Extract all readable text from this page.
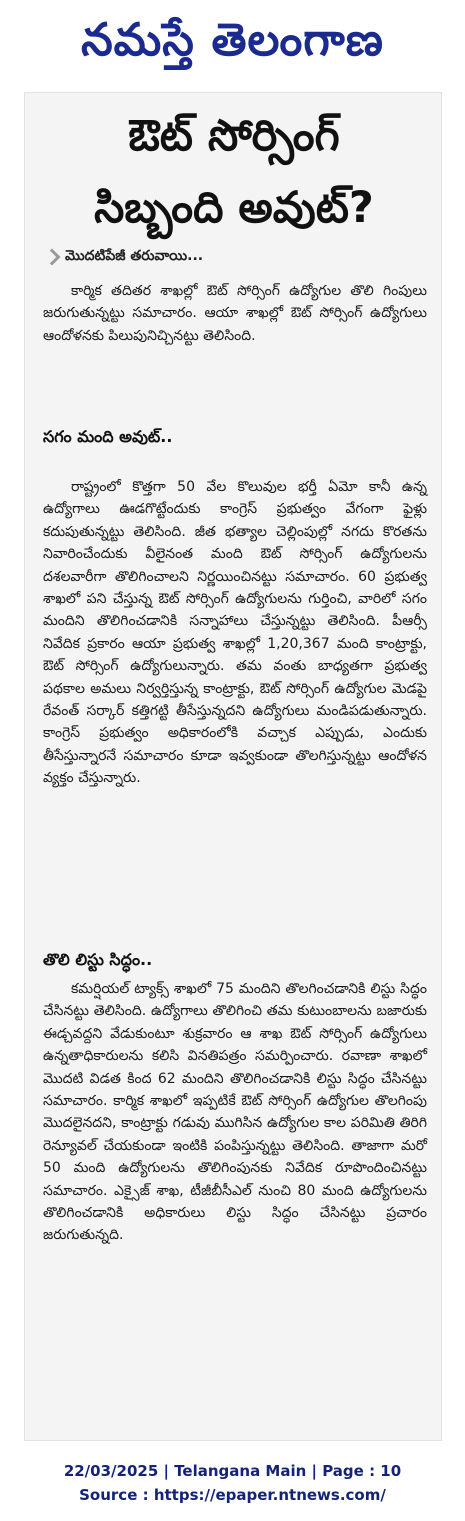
నమస్తే తెలంగాణ
ఔట్ సోర్సింగ్
సిబ్బంది అవుట్?
మొదటిపేజీ తరువాయి...
కార్మిక తదితర శాఖల్లో ఔట్ సోర్సింగ్ ఉద్యోగుల తొలి గింపులు జరుగుతున్నట్టు సమాచారం. ఆయా శాఖల్లో ఔట్ సోర్సింగ్ ఉద్యోగులు ఆందోళనకు పిలుపునిచ్చినట్టు తెలిసింది.
సగం మంది అవుట్..
రాష్ట్రంలో కొత్తగా 50 వేల కొలువుల భర్తీ ఏమో కానీ ఉన్న ఉద్యోగాలు ఊడగొట్టేందుకు కాంగ్రెస్ ప్రభుత్వం వేగంగా ఫైళ్లు కదుపుతున్నట్టు తెలిసింది. జీత భత్యాల చెల్లింపుల్లో నగదు కొరతను నివారించేందుకు వీలైనంత మంది ఔట్ సోర్సింగ్ ఉద్యోగులను దశలవారీగా తొలిగించాలని నిర్ణయించినట్టు సమాచారం. 60 ప్రభుత్వ శాఖలో పని చేస్తున్న ఔట్ సోర్సింగ్ ఉద్యోగులను గుర్తించి, వారిలో సగం మందిని తొలిగించడానికి సన్నాహాలు చేస్తున్నట్టు తెలిసింది. పీఆర్సీ నివేదిక ప్రకారం ఆయా ప్రభుత్వ శాఖల్లో 1,20,367 మంది కాంట్రాక్టు, ఔట్ సోర్సింగ్ ఉద్యోగులున్నారు. తమ వంతు బాధ్యతగా ప్రభుత్వ పథకాల అమలు నిర్వర్తిస్తున్న కాంట్రాక్టు, ఔట్ సోర్సింగ్ ఉద్యోగుల మెడపై రేవంత్ సర్కార్ కత్తిగట్టి తీసేస్తున్నదని ఉద్యోగులు మండిపడుతున్నారు. కాంగ్రెస్ ప్రభుత్వం అధికారంలోకి వచ్చాక ఎప్పుడు, ఎందుకు తీసేస్తున్నారనే సమాచారం కూడా ఇవ్వకుండా తొలగిస్తున్నట్టు ఆందోళన వ్యక్తం చేస్తున్నారు.
తొలి లిస్టు సిద్ధం..
కమర్షియల్ ట్యాక్స్ శాఖలో 75 మందిని తొలగించడానికి లిస్టు సిద్ధం చేసినట్టు తెలిసింది. ఉద్యోగాలు తొలిగించి తమ కుటుంబాలను బజారుకు ఈడ్చవద్దని వేడుకుంటూ శుక్రవారం ఆ శాఖ ఔట్ సోర్సింగ్ ఉద్యోగులు ఉన్నతాధికారులను కలిసి వినతిపత్రం సమర్పించారు. రవాణా శాఖలో మొదటి విడత కింద 62 మందిని తొలిగించడానికి లిస్టు సిద్ధం చేసినట్టు సమాచారం. కార్మిక శాఖలో ఇప్పటికే ఔట్ సోర్సింగ్ ఉద్యోగుల తొలగింపు మొదలైనదని, కాంట్రాక్టు గడువు ముగిసిన ఉద్యోగుల కాల పరిమితి తిరిగి రెన్యూవల్ చేయకుండా ఇంటికి పంపిస్తున్నట్టు తెలిసింది. తాజాగా మరో 50 మంది ఉద్యోగులను తొలిగింపునకు నివేదిక రూపొందించినట్టు సమాచారం. ఎక్సైజ్ శాఖ, టీజీబీసీఎల్ నుంచి 80 మంది ఉద్యోగులను తొలిగించడానికి అధికారులు లిస్టు సిద్ధం చేసినట్టు ప్రచారం జరుగుతున్నది.
22/03/2025 | Telangana Main | Page : 10
Source : https://epaper.ntnews.com/
